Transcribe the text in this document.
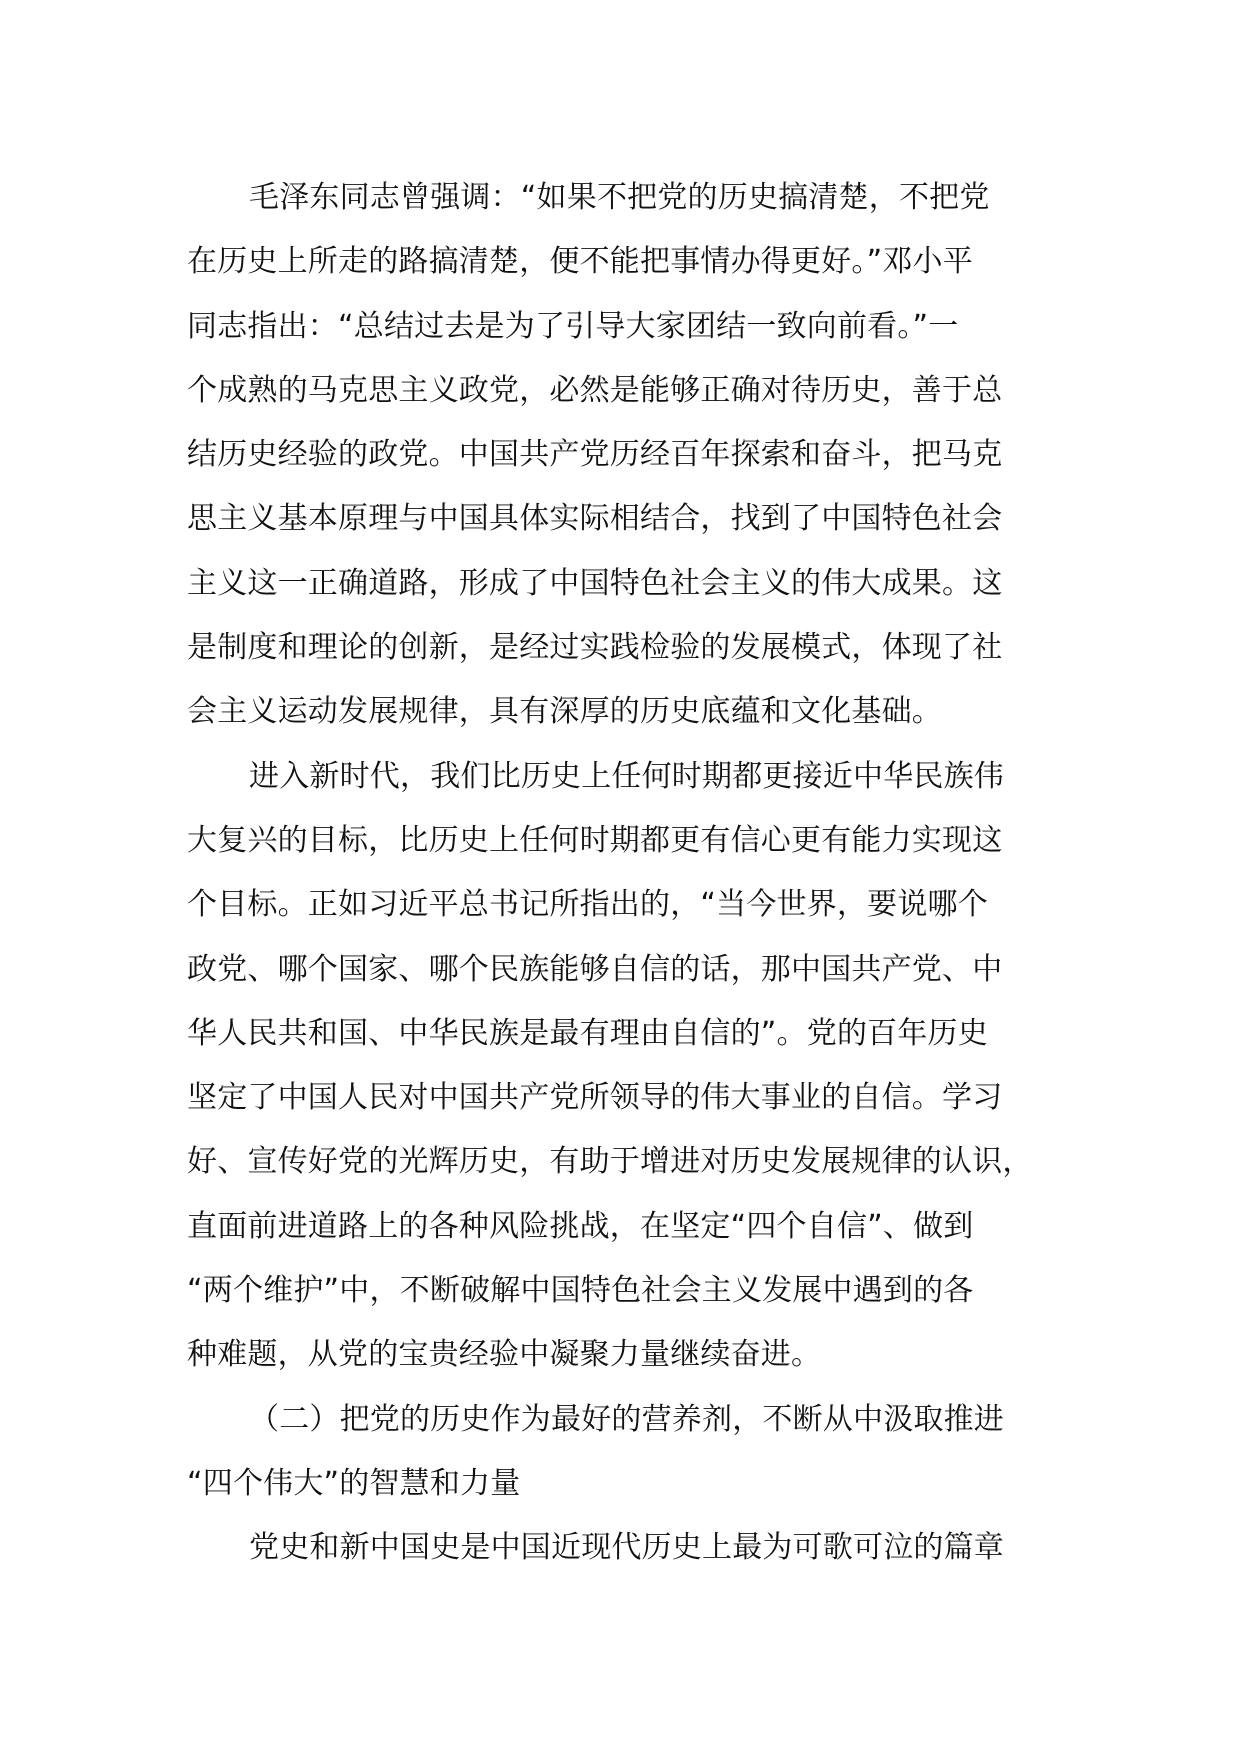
毛泽东同志曾强调：“如果不把党的历史搞清楚，不把党
在历史上所走的路搞清楚，便不能把事情办得更好。”邓小平
同志指出：“总结过去是为了引导大家团结一致向前看。”一
个成熟的马克思主义政党，必然是能够正确对待历史，善于总
结历史经验的政党。中国共产党历经百年探索和奋斗，把马克
思主义基本原理与中国具体实际相结合，找到了中国特色社会
主义这一正确道路，形成了中国特色社会主义的伟大成果。这
是制度和理论的创新，是经过实践检验的发展模式，体现了社
会主义运动发展规律，具有深厚的历史底蕴和文化基础。
进入新时代，我们比历史上任何时期都更接近中华民族伟
大复兴的目标，比历史上任何时期都更有信心更有能力实现这
个目标。正如习近平总书记所指出的，“当今世界，要说哪个
政党、哪个国家、哪个民族能够自信的话，那中国共产党、中
华人民共和国、中华民族是最有理由自信的”。党的百年历史
坚定了中国人民对中国共产党所领导的伟大事业的自信。学习
好、宣传好党的光辉历史，有助于增进对历史发展规律的认识，
直面前进道路上的各种风险挑战，在坚定“四个自信”、做到
“两个维护”中，不断破解中国特色社会主义发展中遇到的各
种难题，从党的宝贵经验中凝聚力量继续奋进。
（二）把党的历史作为最好的营养剂，不断从中汲取推进
“四个伟大”的智慧和力量
党史和新中国史是中国近现代历史上最为可歌可泣的篇章
